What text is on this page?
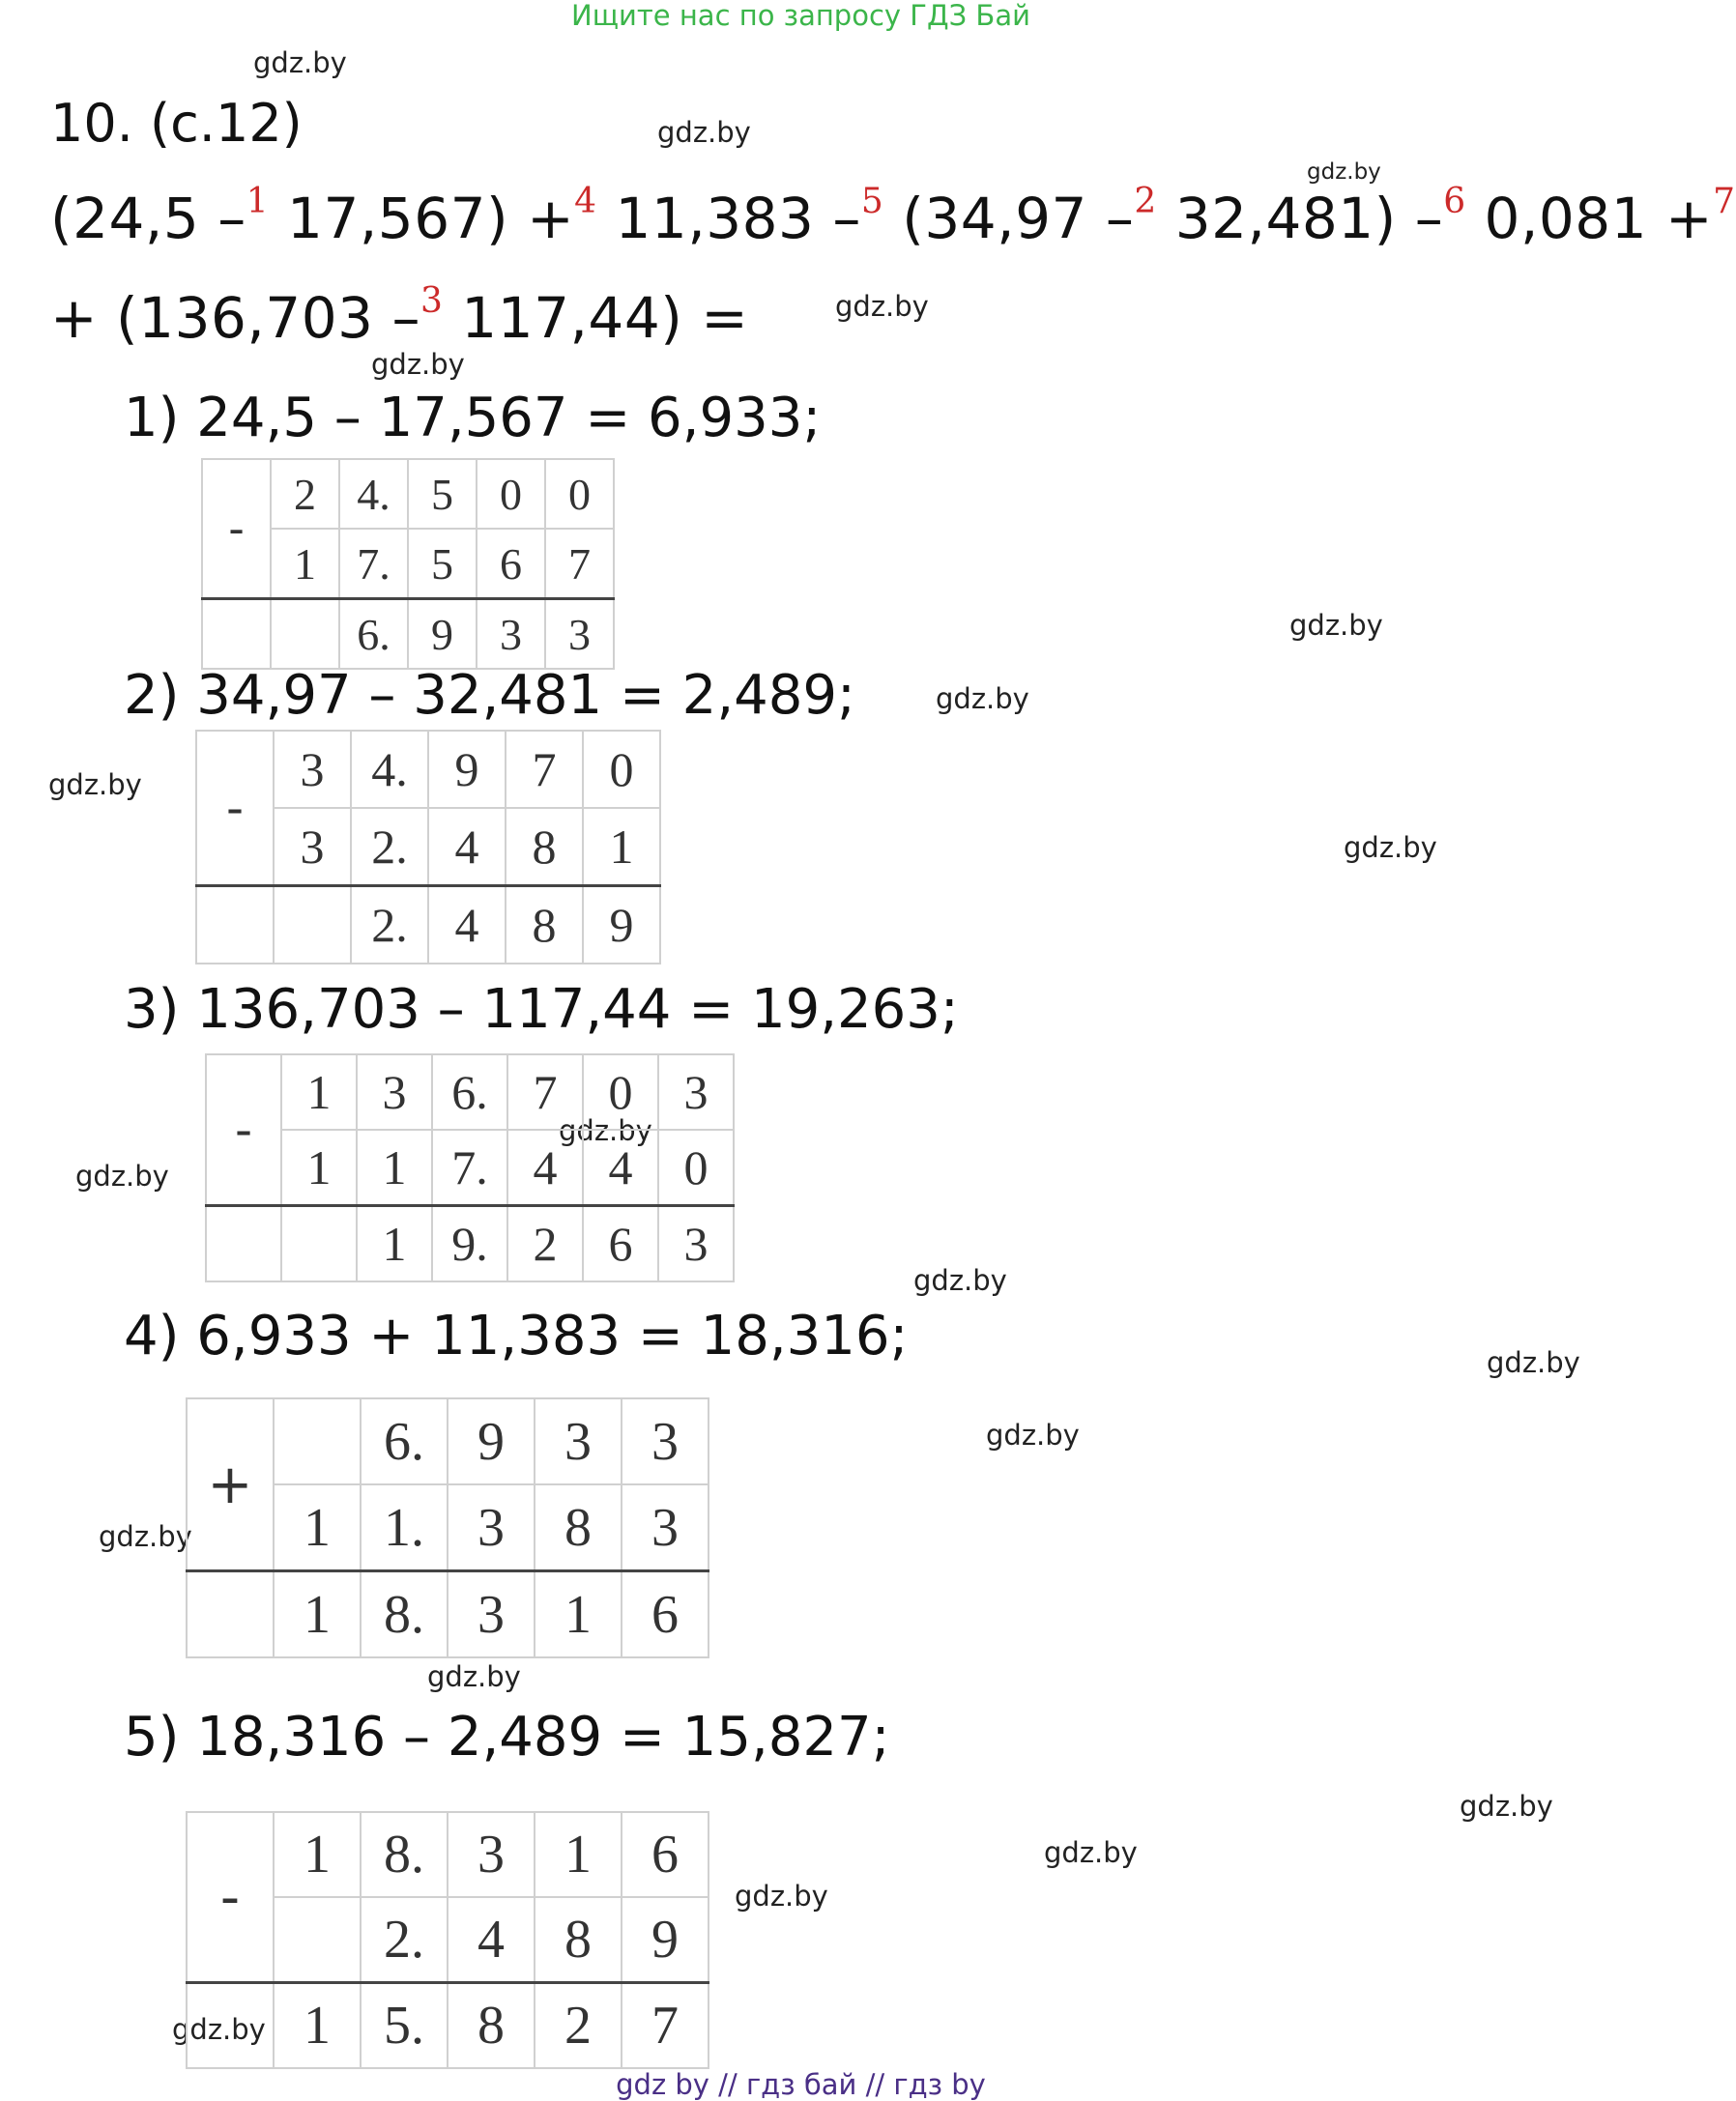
Ищите нас по запросу ГДЗ Бай
gdz.by
gdz.by
gdz.by
gdz.by
gdz.by
gdz.by
gdz.by
gdz.by
gdz.by
gdz.by
gdz.by
gdz.by
gdz.by
gdz.by
gdz.by
gdz.by
gdz.by
gdz.by
gdz.by
gdz.by
10. (с.12)
(24,5 –$^1$ 17,567) +$^4$ 11,383 –$^5$ (34,97 –$^2$ 32,481) –$^6$ 0,081 +$^7$
+ (136,703 –$^3$ 117,44) =
1) 24,5 – 17,567 = 6,933;
2) 34,97 – 32,481 = 2,489;
3) 136,703 – 117,44 = 19,263;
4) 6,933 + 11,383 = 18,316;
5) 18,316 – 2,489 = 15,827;
-	2	4.	5	0	0
	1	7.	5	6	7
		6.	9	3	3
-	3	4.	9	7	0
	3	2.	4	8	1
		2.	4	8	9
-	1	3	6.	7	0	3
	1	1	7.	4	4	0
		1	9.	2	6	3
+		6.	9	3	3
	1	1.	3	8	3
	1	8.	3	1	6
-	1	8.	3	1	6
		2.	4	8	9
	1	5.	8	2	7
gdz by // гдз бай // гдз by
